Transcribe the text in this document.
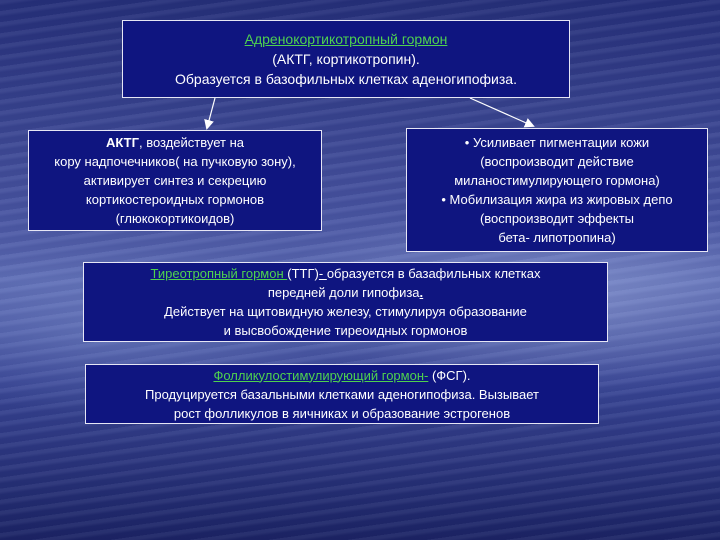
Адренокортикотропный гормон
(АКТГ, кортикотропин).
Образуется в базофильных клетках аденогипофиза.
АКТГ, воздействует на
кору надпочечников( на пучковую зону),
активирует синтез и секрецию
кортикостероидных гормонов
(глюкокортикоидов)
• Усиливает пигментации кожи
(воспроизводит действие
миланостимулирующего гормона)
• Мобилизация жира из жировых депо
(воспроизводит эффекты
бета- липотропина)
Тиреотропный гормон (ТТГ)- образуется в базафильных клетках
передней доли гипофиза.
Действует на щитовидную железу, стимулируя образование
и высвобождение тиреоидных гормонов
Фолликулостимулирующий гормон- (ФСГ).
Продуцируется базальными клетками аденогипофиза. Вызывает
рост фолликулов в яичниках и образование эстрогенов
